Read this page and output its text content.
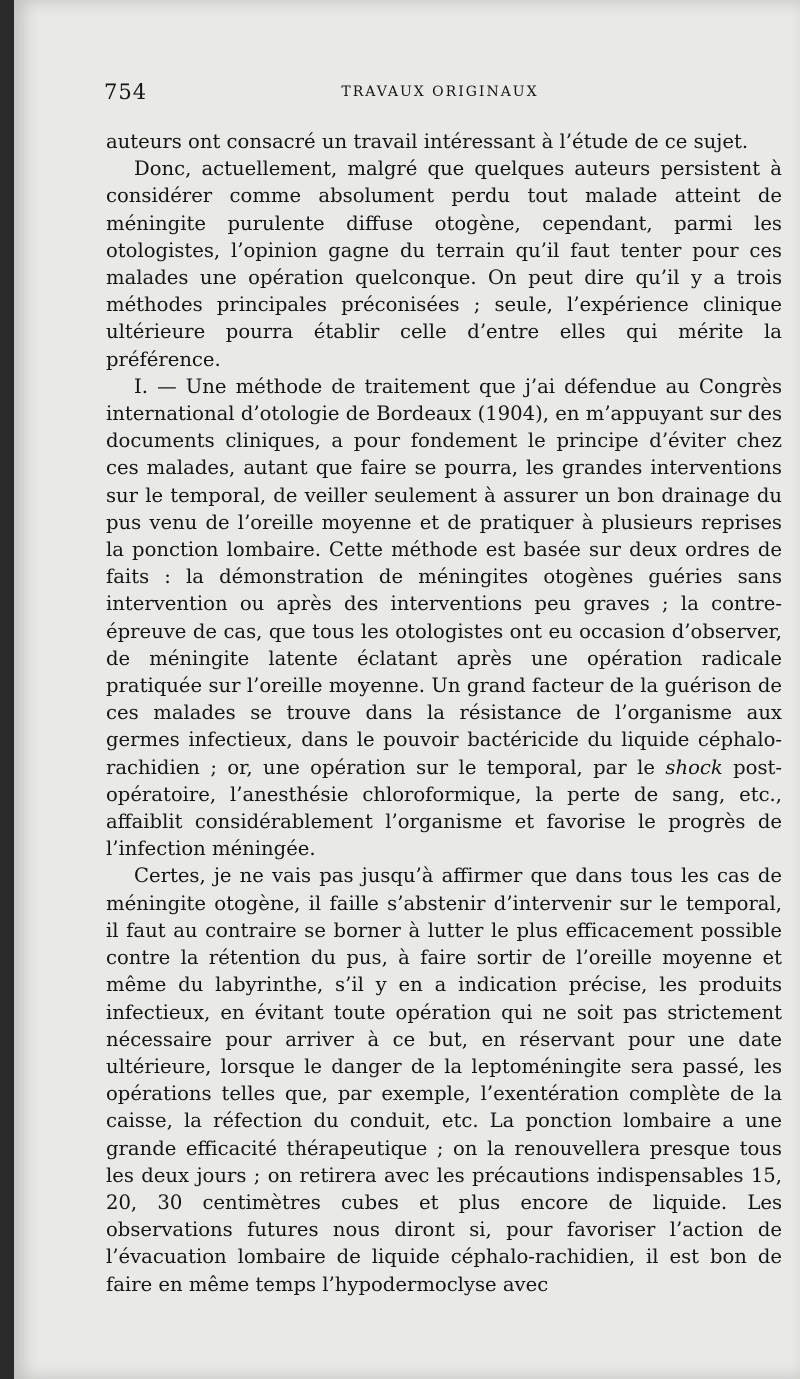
754	TRAVAUX ORIGINAUX

auteurs ont consacré un travail intéressant à l’étude de ce sujet.

Donc, actuellement, malgré que quelques auteurs persistent à considérer comme absolument perdu tout malade atteint de méningite purulente diffuse otogène, cependant, parmi les otologistes, l’opinion gagne du terrain qu’il faut tenter pour ces malades une opération quelconque. On peut dire qu’il y a trois méthodes principales préconisées ; seule, l’expérience clinique ultérieure pourra établir celle d’entre elles qui mérite la préférence.

I. — Une méthode de traitement que j’ai défendue au Congrès international d’otologie de Bordeaux (1904), en m’appuyant sur des documents cliniques, a pour fondement le principe d’éviter chez ces malades, autant que faire se pourra, les grandes interventions sur le temporal, de veiller seulement à assurer un bon drainage du pus venu de l’oreille moyenne et de pratiquer à plusieurs reprises la ponction lombaire. Cette méthode est basée sur deux ordres de faits : la démonstration de méningites otogènes guéries sans intervention ou après des interventions peu graves ; la contre-épreuve de cas, que tous les otologistes ont eu occasion d’observer, de méningite latente éclatant après une opération radicale pratiquée sur l’oreille moyenne. Un grand facteur de la guérison de ces malades se trouve dans la résistance de l’organisme aux germes infectieux, dans le pouvoir bactéricide du liquide céphalo-rachidien ; or, une opération sur le temporal, par le shock post-opératoire, l’anesthésie chloroformique, la perte de sang, etc., affaiblit considérablement l’organisme et favorise le progrès de l’infection méningée.

Certes, je ne vais pas jusqu’à affirmer que dans tous les cas de méningite otogène, il faille s’abstenir d’intervenir sur le temporal, il faut au contraire se borner à lutter le plus efficacement possible contre la rétention du pus, à faire sortir de l’oreille moyenne et même du labyrinthe, s’il y en a indication précise, les produits infectieux, en évitant toute opération qui ne soit pas strictement nécessaire pour arriver à ce but, en réservant pour une date ultérieure, lorsque le danger de la leptoméningite sera passé, les opérations telles que, par exemple, l’exentération complète de la caisse, la réfection du conduit, etc. La ponction lombaire a une grande efficacité thérapeutique ; on la renouvellera presque tous les deux jours ; on retirera avec les précautions indispensables 15, 20, 30 centimètres cubes et plus encore de liquide. Les observations futures nous diront si, pour favoriser l’action de l’évacuation lombaire de liquide céphalo-rachidien, il est bon de faire en même temps l’hypodermoclyse avec
